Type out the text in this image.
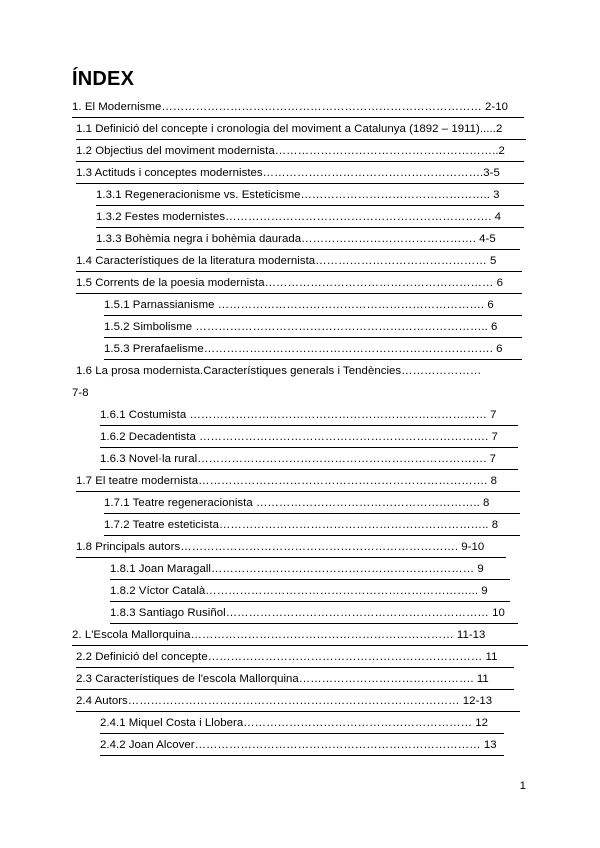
ÍNDEX
1. El Modernisme………………………………………………………………………… 2-10
1.1 Definició del concepte i cronologia del moviment a Catalunya (1892 – 1911).....2
1.2 Objectius del moviment modernista…………………………………………………..2
1.3 Actituds i conceptes modernistes………………………………………………….3-5
1.3.1 Regeneracionisme vs. Esteticisme………………………………………….. 3
1.3.2 Festes modernistes……………………………………………………………. 4
1.3.3 Bohèmia negra i bohèmia daurada………………………………………. 4-5
1.4 Característiques de la literatura modernista……………………………………… 5
1.5 Corrents de la poesia modernista…………………………………………………… 6
1.5.1 Parnassianisme ……………………………………………………………. 6
1.5.2 Simbolisme ………………………………………………………………….. 6
1.5.3 Prerafaelisme…………………………………………………………………. 6
1.6 La prosa modernista.Característiques generals i Tendències…………………
7-8
1.6.1 Costumista …………………………………………………………………… 7
1.6.2 Decadentista …………………………………………………………………. 7
1.6.3 Novel·la rural…………………………………………………………………. 7
1.7 El teatre modernista…………………………………………………………………. 8
1.7.1 Teatre regeneracionista ………………………………………………….. 8
1.7.2 Teatre esteticista…………………………………………………………….. 8
1.8 Principals autors………………………………………………………………. 9-10
1.8.1 Joan Maragall…………………………………………………………… 9
1.8.2 Víctor Català……………………………………………………………... 9
1.8.3 Santiago Rusiñol…………………………………………………………… 10
2. L'Escola Mallorquina…………………………………………………………… 11-13
2.2 Definició del concepte……………………………………………………………… 11
2.3 Característiques de l'escola Mallorquina………………………………………. 11
2.4 Autors…………………………………………………………………………… 12-13
2.4.1 Miquel Costa i Llobera…………………………………………………… 12
2.4.2 Joan Alcover………………………………………………………………… 13
1
